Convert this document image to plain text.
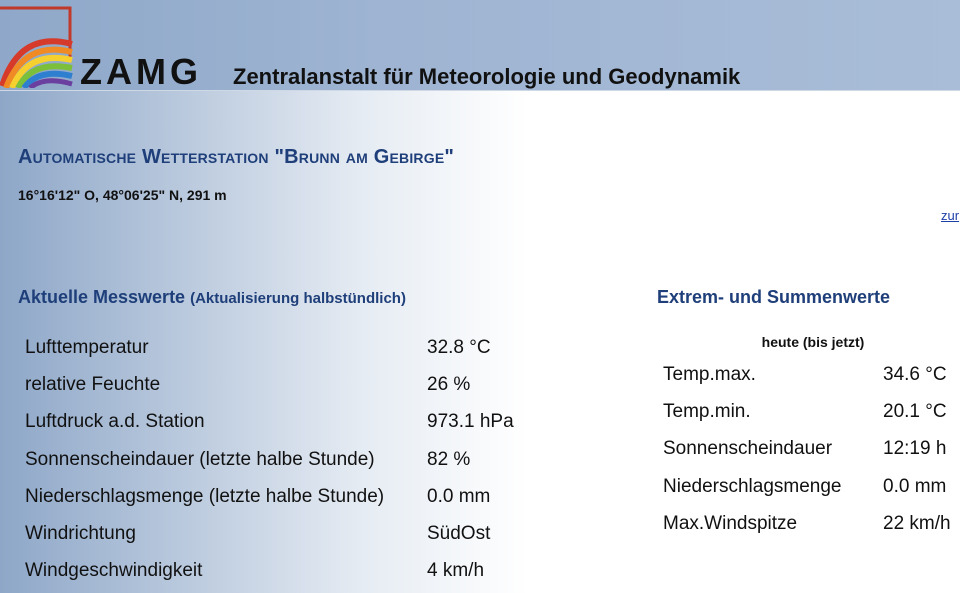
ZAMG Zentralanstalt für Meteorologie und Geodynamik
Automatische Wetterstation "Brunn am Gebirge"
16°16'12" O, 48°06'25" N, 291 m
zur
Aktuelle Messwerte (Aktualisierung halbstündlich)
Lufttemperatur	32.8 °C
relative Feuchte	26 %
Luftdruck a.d. Station	973.1 hPa
Sonnenscheindauer (letzte halbe Stunde)	82 %
Niederschlagsmenge (letzte halbe Stunde)	0.0 mm
Windrichtung	SüdOst
Windgeschwindigkeit	4 km/h
Extrem- und Summenwerte
heute (bis jetzt)
Temp.max.	34.6 °C
Temp.min.	20.1 °C
Sonnenscheindauer	12:19 h
Niederschlagsmenge	0.0 mm
Max.Windspitze	22 km/h
